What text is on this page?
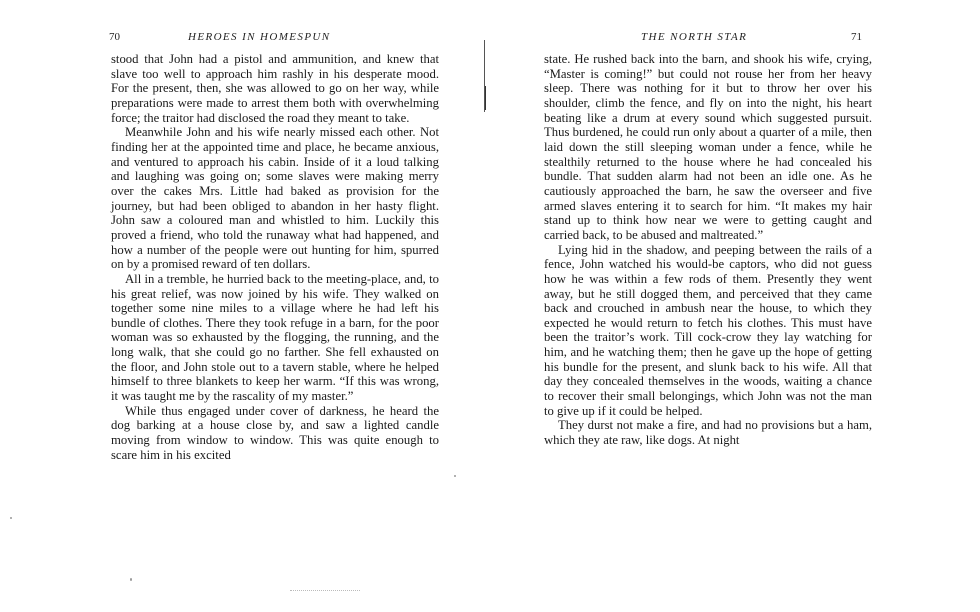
70	HEROES IN HOMESPUN

stood that John had a pistol and ammunition, and knew that slave too well to approach him rashly in his desperate mood. For the present, then, she was allowed to go on her way, while preparations were made to arrest them both with overwhelming force; the traitor had disclosed the road they meant to take.

Meanwhile John and his wife nearly missed each other. Not finding her at the appointed time and place, he became anxious, and ventured to approach his cabin. Inside of it a loud talking and laughing was going on; some slaves were making merry over the cakes Mrs. Little had baked as provision for the journey, but had been obliged to abandon in her hasty flight. John saw a coloured man and whistled to him. Luckily this proved a friend, who told the runaway what had happened, and how a number of the people were out hunting for him, spurred on by a promised reward of ten dollars.

All in a tremble, he hurried back to the meeting-place, and, to his great relief, was now joined by his wife. They walked on together some nine miles to a village where he had left his bundle of clothes. There they took refuge in a barn, for the poor woman was so exhausted by the flogging, the running, and the long walk, that she could go no farther. She fell exhausted on the floor, and John stole out to a tavern stable, where he helped himself to three blankets to keep her warm. “If this was wrong, it was taught me by the rascality of my master.”

While thus engaged under cover of darkness, he heard the dog barking at a house close by, and saw a lighted candle moving from window to window. This was quite enough to scare him in his excited

THE NORTH STAR	71

state. He rushed back into the barn, and shook his wife, crying, “Master is coming!” but could not rouse her from her heavy sleep. There was nothing for it but to throw her over his shoulder, climb the fence, and fly on into the night, his heart beating like a drum at every sound which suggested pursuit. Thus burdened, he could run only about a quarter of a mile, then laid down the still sleeping woman under a fence, while he stealthily returned to the house where he had concealed his bundle. That sudden alarm had not been an idle one. As he cautiously approached the barn, he saw the overseer and five armed slaves entering it to search for him. “It makes my hair stand up to think how near we were to getting caught and carried back, to be abused and maltreated.”

Lying hid in the shadow, and peeping between the rails of a fence, John watched his would-be captors, who did not guess how he was within a few rods of them. Presently they went away, but he still dogged them, and perceived that they came back and crouched in ambush near the house, to which they expected he would return to fetch his clothes. This must have been the traitor’s work. Till cock-crow they lay watching for him, and he watching them; then he gave up the hope of getting his bundle for the present, and slunk back to his wife. All that day they concealed themselves in the woods, waiting a chance to recover their small belongings, which John was not the man to give up if it could be helped.

They durst not make a fire, and had no provisions but a ham, which they ate raw, like dogs. At night
